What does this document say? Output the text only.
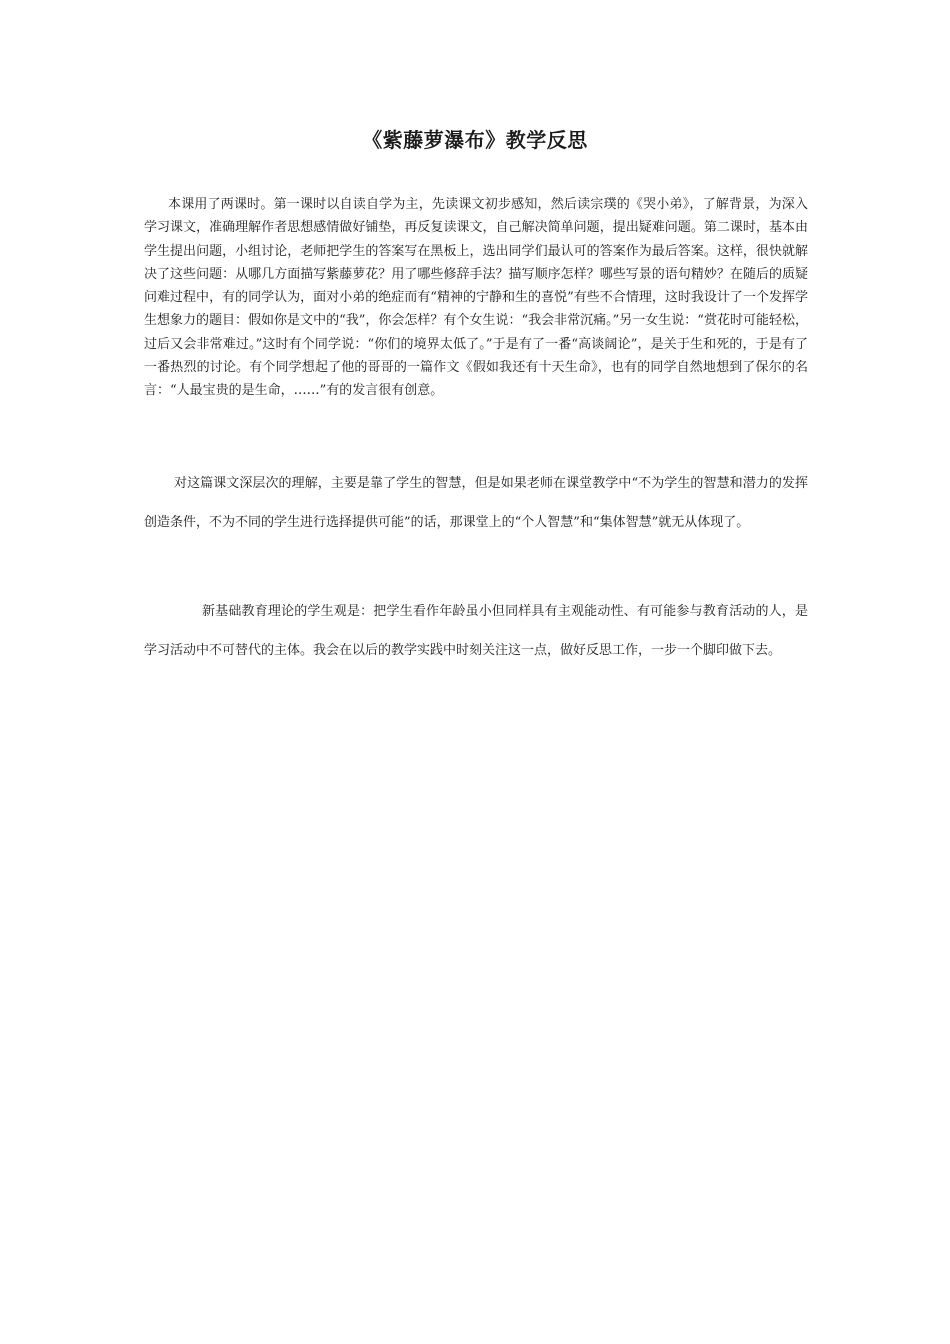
《紫藤萝瀑布》教学反思

本课用了两课时。第一课时以自读自学为主，先读课文初步感知，然后读宗璞的《哭小弟》，了解背景，为深入学习课文，准确理解作者思想感情做好铺垫，再反复读课文，自己解决简单问题，提出疑难问题。第二课时，基本由学生提出问题，小组讨论，老师把学生的答案写在黑板上，选出同学们最认可的答案作为最后答案。这样，很快就解决了这些问题：从哪几方面描写紫藤萝花？用了哪些修辞手法？描写顺序怎样？哪些写景的语句精妙？在随后的质疑问难过程中，有的同学认为，面对小弟的绝症而有“精神的宁静和生的喜悦”有些不合情理，这时我设计了一个发挥学生想象力的题目：假如你是文中的“我”，你会怎样？有个女生说：“我会非常沉痛。”另一女生说：“赏花时可能轻松，过后又会非常难过。”这时有个同学说：“你们的境界太低了。”于是有了一番“高谈阔论”，是关于生和死的，于是有了一番热烈的讨论。有个同学想起了他的哥哥的一篇作文《假如我还有十天生命》，也有的同学自然地想到了保尔的名言：“人最宝贵的是生命，……”有的发言很有创意。

对这篇课文深层次的理解，主要是靠了学生的智慧，但是如果老师在课堂教学中“不为学生的智慧和潜力的发挥创造条件，不为不同的学生进行选择提供可能”的话，那课堂上的“个人智慧”和“集体智慧”就无从体现了。

新基础教育理论的学生观是：把学生看作年龄虽小但同样具有主观能动性、有可能参与教育活动的人，是学习活动中不可替代的主体。我会在以后的教学实践中时刻关注这一点，做好反思工作，一步一个脚印做下去。
